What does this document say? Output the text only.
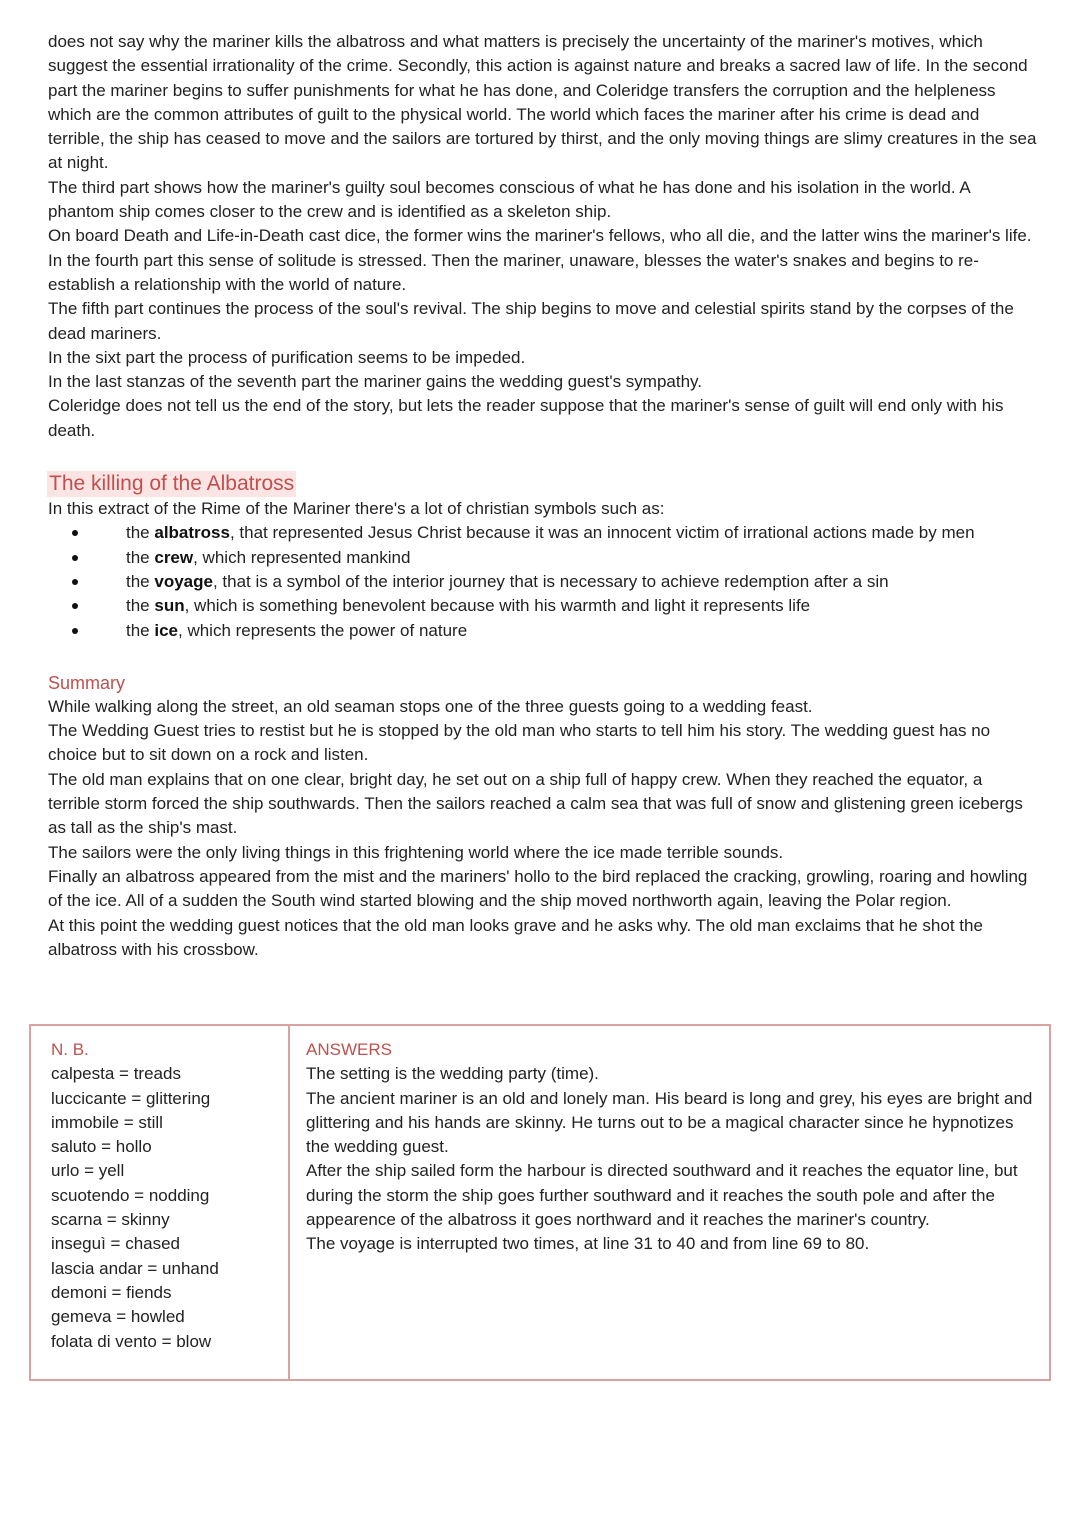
does not say why the mariner kills the albatross and what matters is precisely the uncertainty of the mariner's motives, which suggest the essential irrationality of the crime. Secondly, this action is against nature and breaks a sacred law of life. In the second part the mariner begins to suffer punishments for what he has done, and Coleridge transfers the corruption and the helpleness which are the common attributes of guilt to the physical world. The world which faces the mariner after his crime is dead and terrible, the ship has ceased to move and the sailors are tortured by thirst, and the only moving things are slimy creatures in the sea at night.

The third part shows how the mariner's guilty soul becomes conscious of what he has done and his isolation in the world. A phantom ship comes closer to the crew and is identified as a skeleton ship.

On board Death and Life-in-Death cast dice, the former wins the mariner's fellows, who all die, and the latter wins the mariner's life.

In the fourth part this sense of solitude is stressed. Then the mariner, unaware, blesses the water's snakes and begins to re-establish a relationship with the world of nature.

The fifth part continues the process of the soul's revival. The ship begins to move and celestial spirits stand by the corpses of the dead mariners.

In the sixt part the process of purification seems to be impeded.

In the last stanzas of the seventh part the mariner gains the wedding guest's sympathy.

Coleridge does not tell us the end of the story, but lets the reader suppose that the mariner's sense of guilt will end only with his death.

The killing of the Albatross

In this extract of the Rime of the Mariner there's a lot of christian symbols such as:

the albatross, that represented Jesus Christ because it was an innocent victim of irrational actions made by men
the crew, which represented mankind
the voyage, that is a symbol of the interior journey that is necessary to achieve redemption after a sin
the sun, which is something benevolent because with his warmth and light it represents life
the ice, which represents the power of nature

Summary

While walking along the street, an old seaman stops one of the three guests going to a wedding feast.

The Wedding Guest tries to restist but he is stopped by the old man who starts to tell him his story. The wedding guest has no choice but to sit down on a rock and listen.

The old man explains that on one clear, bright day, he set out on a ship full of happy crew. When they reached the equator, a terrible storm forced the ship southwards. Then the sailors reached a calm sea that was full of snow and glistening green icebergs as tall as the ship's mast.

The sailors were the only living things in this frightening world where the ice made terrible sounds.

Finally an albatross appeared from the mist and the mariners' hollo to the bird replaced the cracking, growling, roaring and howling of the ice. All of a sudden the South wind started blowing and the ship moved northworth again, leaving the Polar region.

At this point the wedding guest notices that the old man looks grave and he asks why. The old man exclaims that he shot the albatross with his crossbow.

N. B.

calpesta = treads

luccicante = glittering

immobile = still

saluto = hollo

urlo = yell

scuotendo = nodding

scarna = skinny

inseguì = chased

lascia andar = unhand

demoni = fiends

gemeva = howled

folata di vento = blow

ANSWERS

The setting is the wedding party (time).

The ancient mariner is an old and lonely man. His beard is long and grey, his eyes are bright and glittering and his hands are skinny. He turns out to be a magical character since he hypnotizes the wedding guest.

After the ship sailed form the harbour is directed southward and it reaches the equator line, but during the storm the ship goes further southward and it reaches the south pole and after the appearence of the albatross it goes northward and it reaches the mariner's country.

The voyage is interrupted two times, at line 31 to 40 and from line 69 to 80.
